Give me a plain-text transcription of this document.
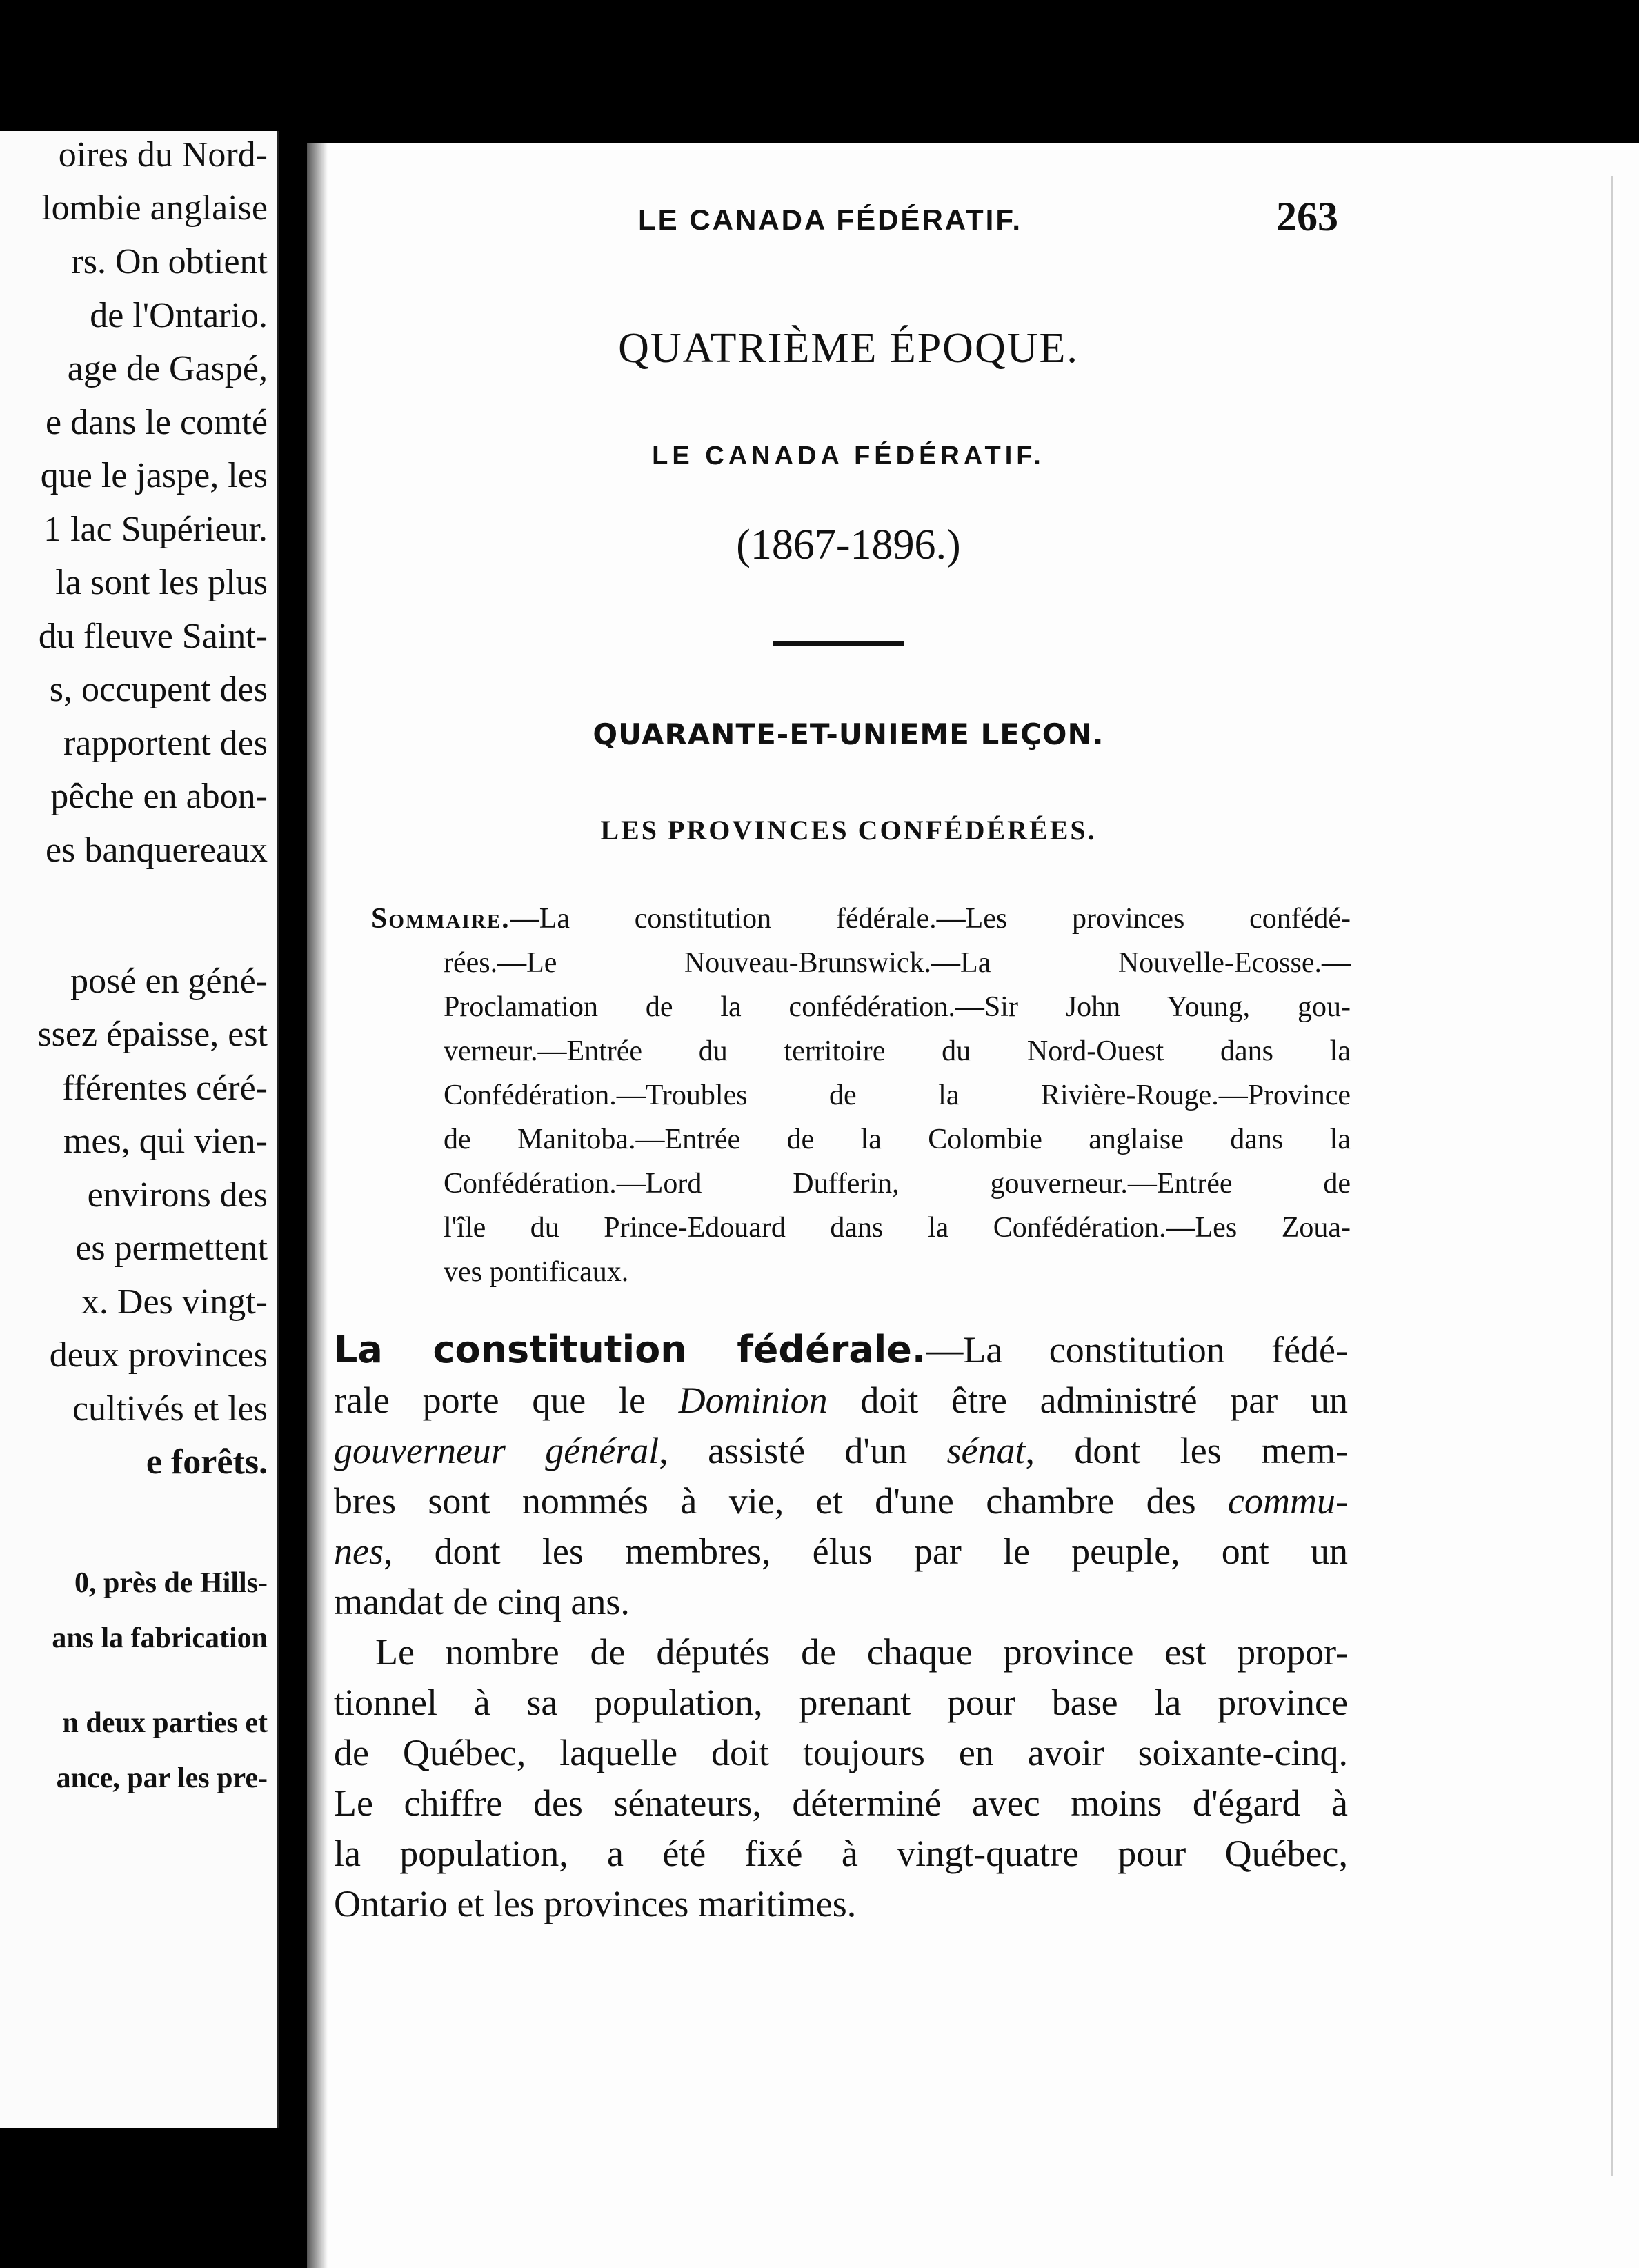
oires du Nord-
lombie anglaise
rs. On obtient
de l'Ontario.
age de Gaspé,
e dans le comté
que le jaspe, les
1 lac Supérieur.
la sont les plus
du fleuve Saint-
s, occupent des
rapportent des
pêche en abon-
es banquereaux
posé en géné-
ssez épaisse, est
fférentes céré-
mes, qui vien-
environs des
es permettent
x. Des vingt-
deux provinces
cultivés et les
e forêts.
0, près de Hills-
ans la fabrication
n deux parties et
ance, par les pre-
LE CANADA FÉDÉRATIF.	263
QUATRIÈME ÉPOQUE.
LE CANADA FÉDÉRATIF.
(1867-1896.)
QUARANTE-ET-UNIEME LEÇON.
LES PROVINCES CONFÉDÉRÉES.
Sommaire.—La constitution fédérale.—Les provinces confédé-
rées.—Le Nouveau-Brunswick.—La Nouvelle-Ecosse.—
Proclamation de la confédération.—Sir John Young, gou-
verneur.—Entrée du territoire du Nord-Ouest dans la
Confédération.—Troubles de la Rivière-Rouge.—Province
de Manitoba.—Entrée de la Colombie anglaise dans la
Confédération.—Lord Dufferin, gouverneur.—Entrée de
l'île du Prince-Edouard dans la Confédération.—Les Zoua-
ves pontificaux.
La constitution fédérale.—La constitution fédé-
rale porte que le Dominion doit être administré par un
gouverneur général, assisté d'un sénat, dont les mem-
bres sont nommés à vie, et d'une chambre des commu-
nes, dont les membres, élus par le peuple, ont un
mandat de cinq ans.
Le nombre de députés de chaque province est propor-
tionnel à sa population, prenant pour base la province
de Québec, laquelle doit toujours en avoir soixante-cinq.
Le chiffre des sénateurs, déterminé avec moins d'égard à
la population, a été fixé à vingt-quatre pour Québec,
Ontario et les provinces maritimes.
